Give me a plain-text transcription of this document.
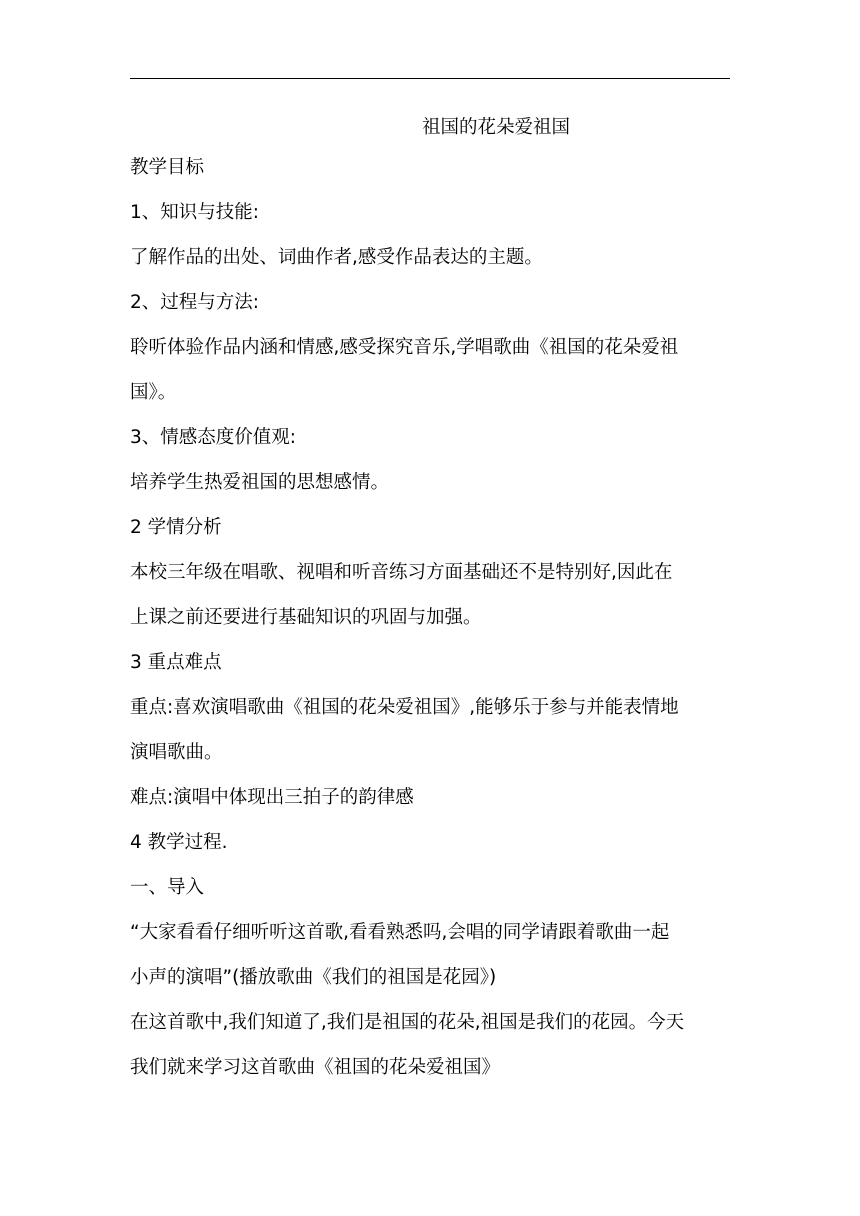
祖国的花朵爱祖国
教学目标
1、知识与技能:
了解作品的出处、词曲作者,感受作品表达的主题。
2、过程与方法:
聆听体验作品内涵和情感,感受探究音乐,学唱歌曲《祖国的花朵爱祖
国》。
3、情感态度价值观:
培养学生热爱祖国的思想感情。
2 学情分析
本校三年级在唱歌、视唱和听音练习方面基础还不是特别好,因此在
上课之前还要进行基础知识的巩固与加强。
3 重点难点
重点:喜欢演唱歌曲《祖国的花朵爱祖国》,能够乐于参与并能表情地
演唱歌曲。
难点:演唱中体现出三拍子的韵律感
4 教学过程.
一、导入
“大家看看仔细听听这首歌,看看熟悉吗,会唱的同学请跟着歌曲一起
小声的演唱”(播放歌曲《我们的祖国是花园》)
在这首歌中,我们知道了,我们是祖国的花朵,祖国是我们的花园。今天
我们就来学习这首歌曲《祖国的花朵爱祖国》
